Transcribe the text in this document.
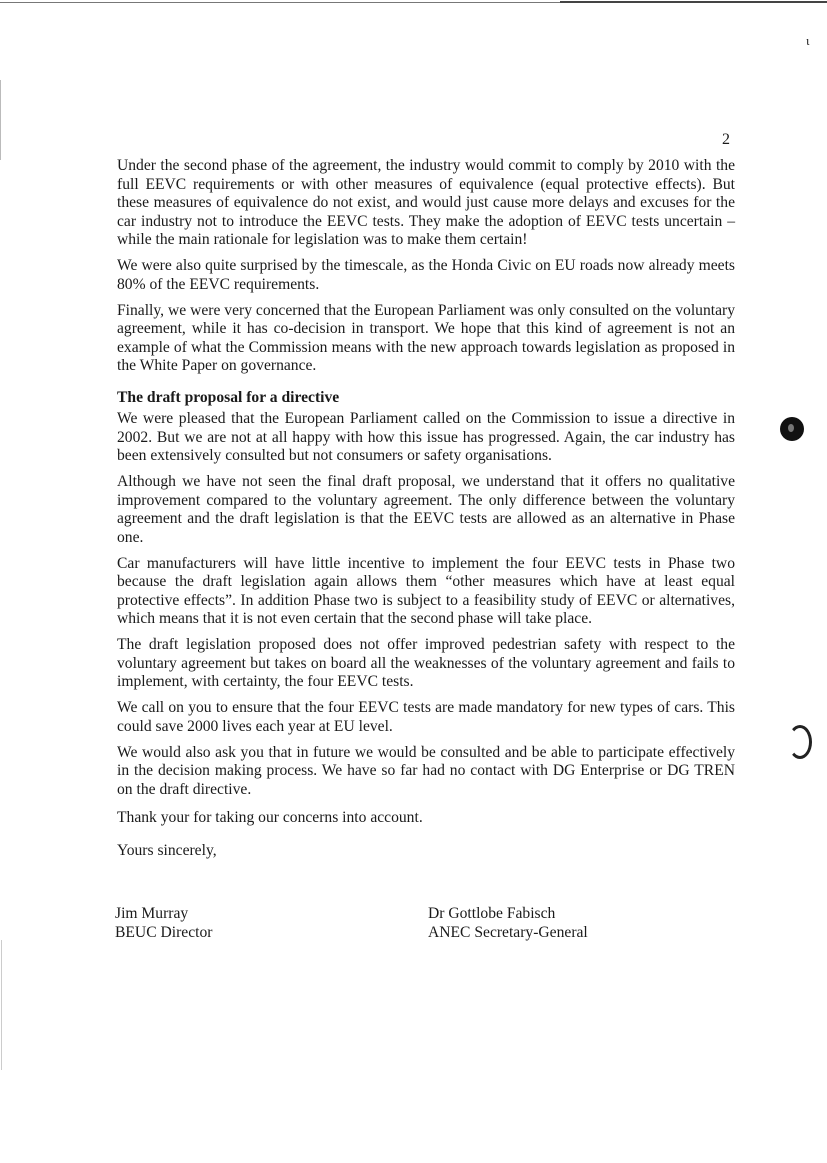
ɩ
2

Under the second phase of the agreement, the industry would commit to comply by 2010 with the full EEVC requirements or with other measures of equivalence (equal protective effects). But these measures of equivalence do not exist, and would just cause more delays and excuses for the car industry not to introduce the EEVC tests. They make the adoption of EEVC tests uncertain – while the main rationale for legislation was to make them certain!

We were also quite surprised by the timescale, as the Honda Civic on EU roads now already meets 80% of the EEVC requirements.

Finally, we were very concerned that the European Parliament was only consulted on the voluntary agreement, while it has co-decision in transport. We hope that this kind of agreement is not an example of what the Commission means with the new approach towards legislation as proposed in the White Paper on governance.

The draft proposal for a directive

We were pleased that the European Parliament called on the Commission to issue a directive in 2002. But we are not at all happy with how this issue has progressed. Again, the car industry has been extensively consulted but not consumers or safety organisations.

Although we have not seen the final draft proposal, we understand that it offers no qualitative improvement compared to the voluntary agreement. The only difference between the voluntary agreement and the draft legislation is that the EEVC tests are allowed as an alternative in Phase one.

Car manufacturers will have little incentive to implement the four EEVC tests in Phase two because the draft legislation again allows them “other measures which have at least equal protective effects”. In addition Phase two is subject to a feasibility study of EEVC or alternatives, which means that it is not even certain that the second phase will take place.

The draft legislation proposed does not offer improved pedestrian safety with respect to the voluntary agreement but takes on board all the weaknesses of the voluntary agreement and fails to implement, with certainty, the four EEVC tests.

We call on you to ensure that the four EEVC tests are made mandatory for new types of cars. This could save 2000 lives each year at EU level.

We would also ask you that in future we would be consulted and be able to participate effectively in the decision making process. We have so far had no contact with DG Enterprise or DG TREN on the draft directive.

Thank your for taking our concerns into account.

Yours sincerely,

Jim Murray
BEUC Director
Dr Gottlobe Fabisch
ANEC Secretary-General
